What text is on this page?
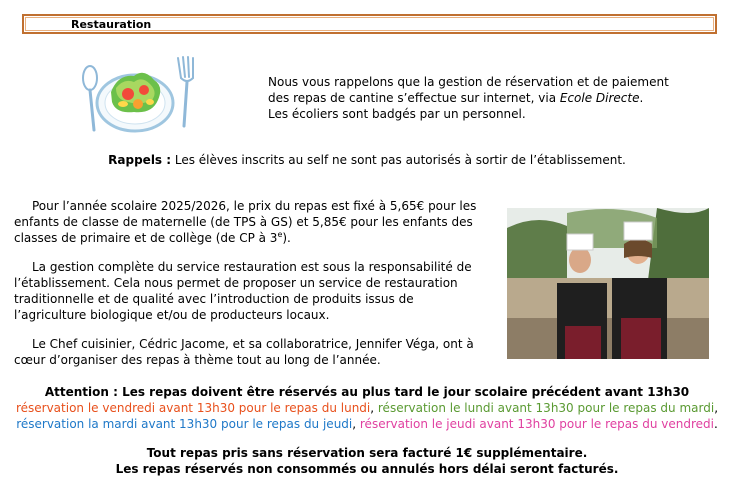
Restauration

Nous vous rappelons que la gestion de réservation et de paiement
des repas de cantine s’effectue sur internet, via Ecole Directe.
Les écoliers sont badgés par un personnel.

Rappels : Les élèves inscrits au self ne sont pas autorisés à sortir de l’établissement.

Pour l’année scolaire 2025/2026, le prix du repas est fixé à 5,65€ pour les enfants de classe de maternelle (de TPS à GS) et 5,85€ pour les enfants des classes de primaire et de collège (de CP à 3e).

La gestion complète du service restauration est sous la responsabilité de l’établissement. Cela nous permet de proposer un service de restauration traditionnelle et de qualité avec l’introduction de produits issus de l’agriculture biologique et/ou de producteurs locaux.

Le Chef cuisinier, Cédric Jacome, et sa collaboratrice, Jennifer Véga, ont à cœur d’organiser des repas à thème tout au long de l’année.

Attention : Les repas doivent être réservés au plus tard le jour scolaire précédent avant 13h30

réservation le vendredi avant 13h30 pour le repas du lundi, réservation le lundi avant 13h30 pour le repas du mardi,

réservation la mardi avant 13h30 pour le repas du jeudi, réservation le jeudi avant 13h30 pour le repas du vendredi.

Tout repas pris sans réservation sera facturé 1€ supplémentaire.

Les repas réservés non consommés ou annulés hors délai seront facturés.
